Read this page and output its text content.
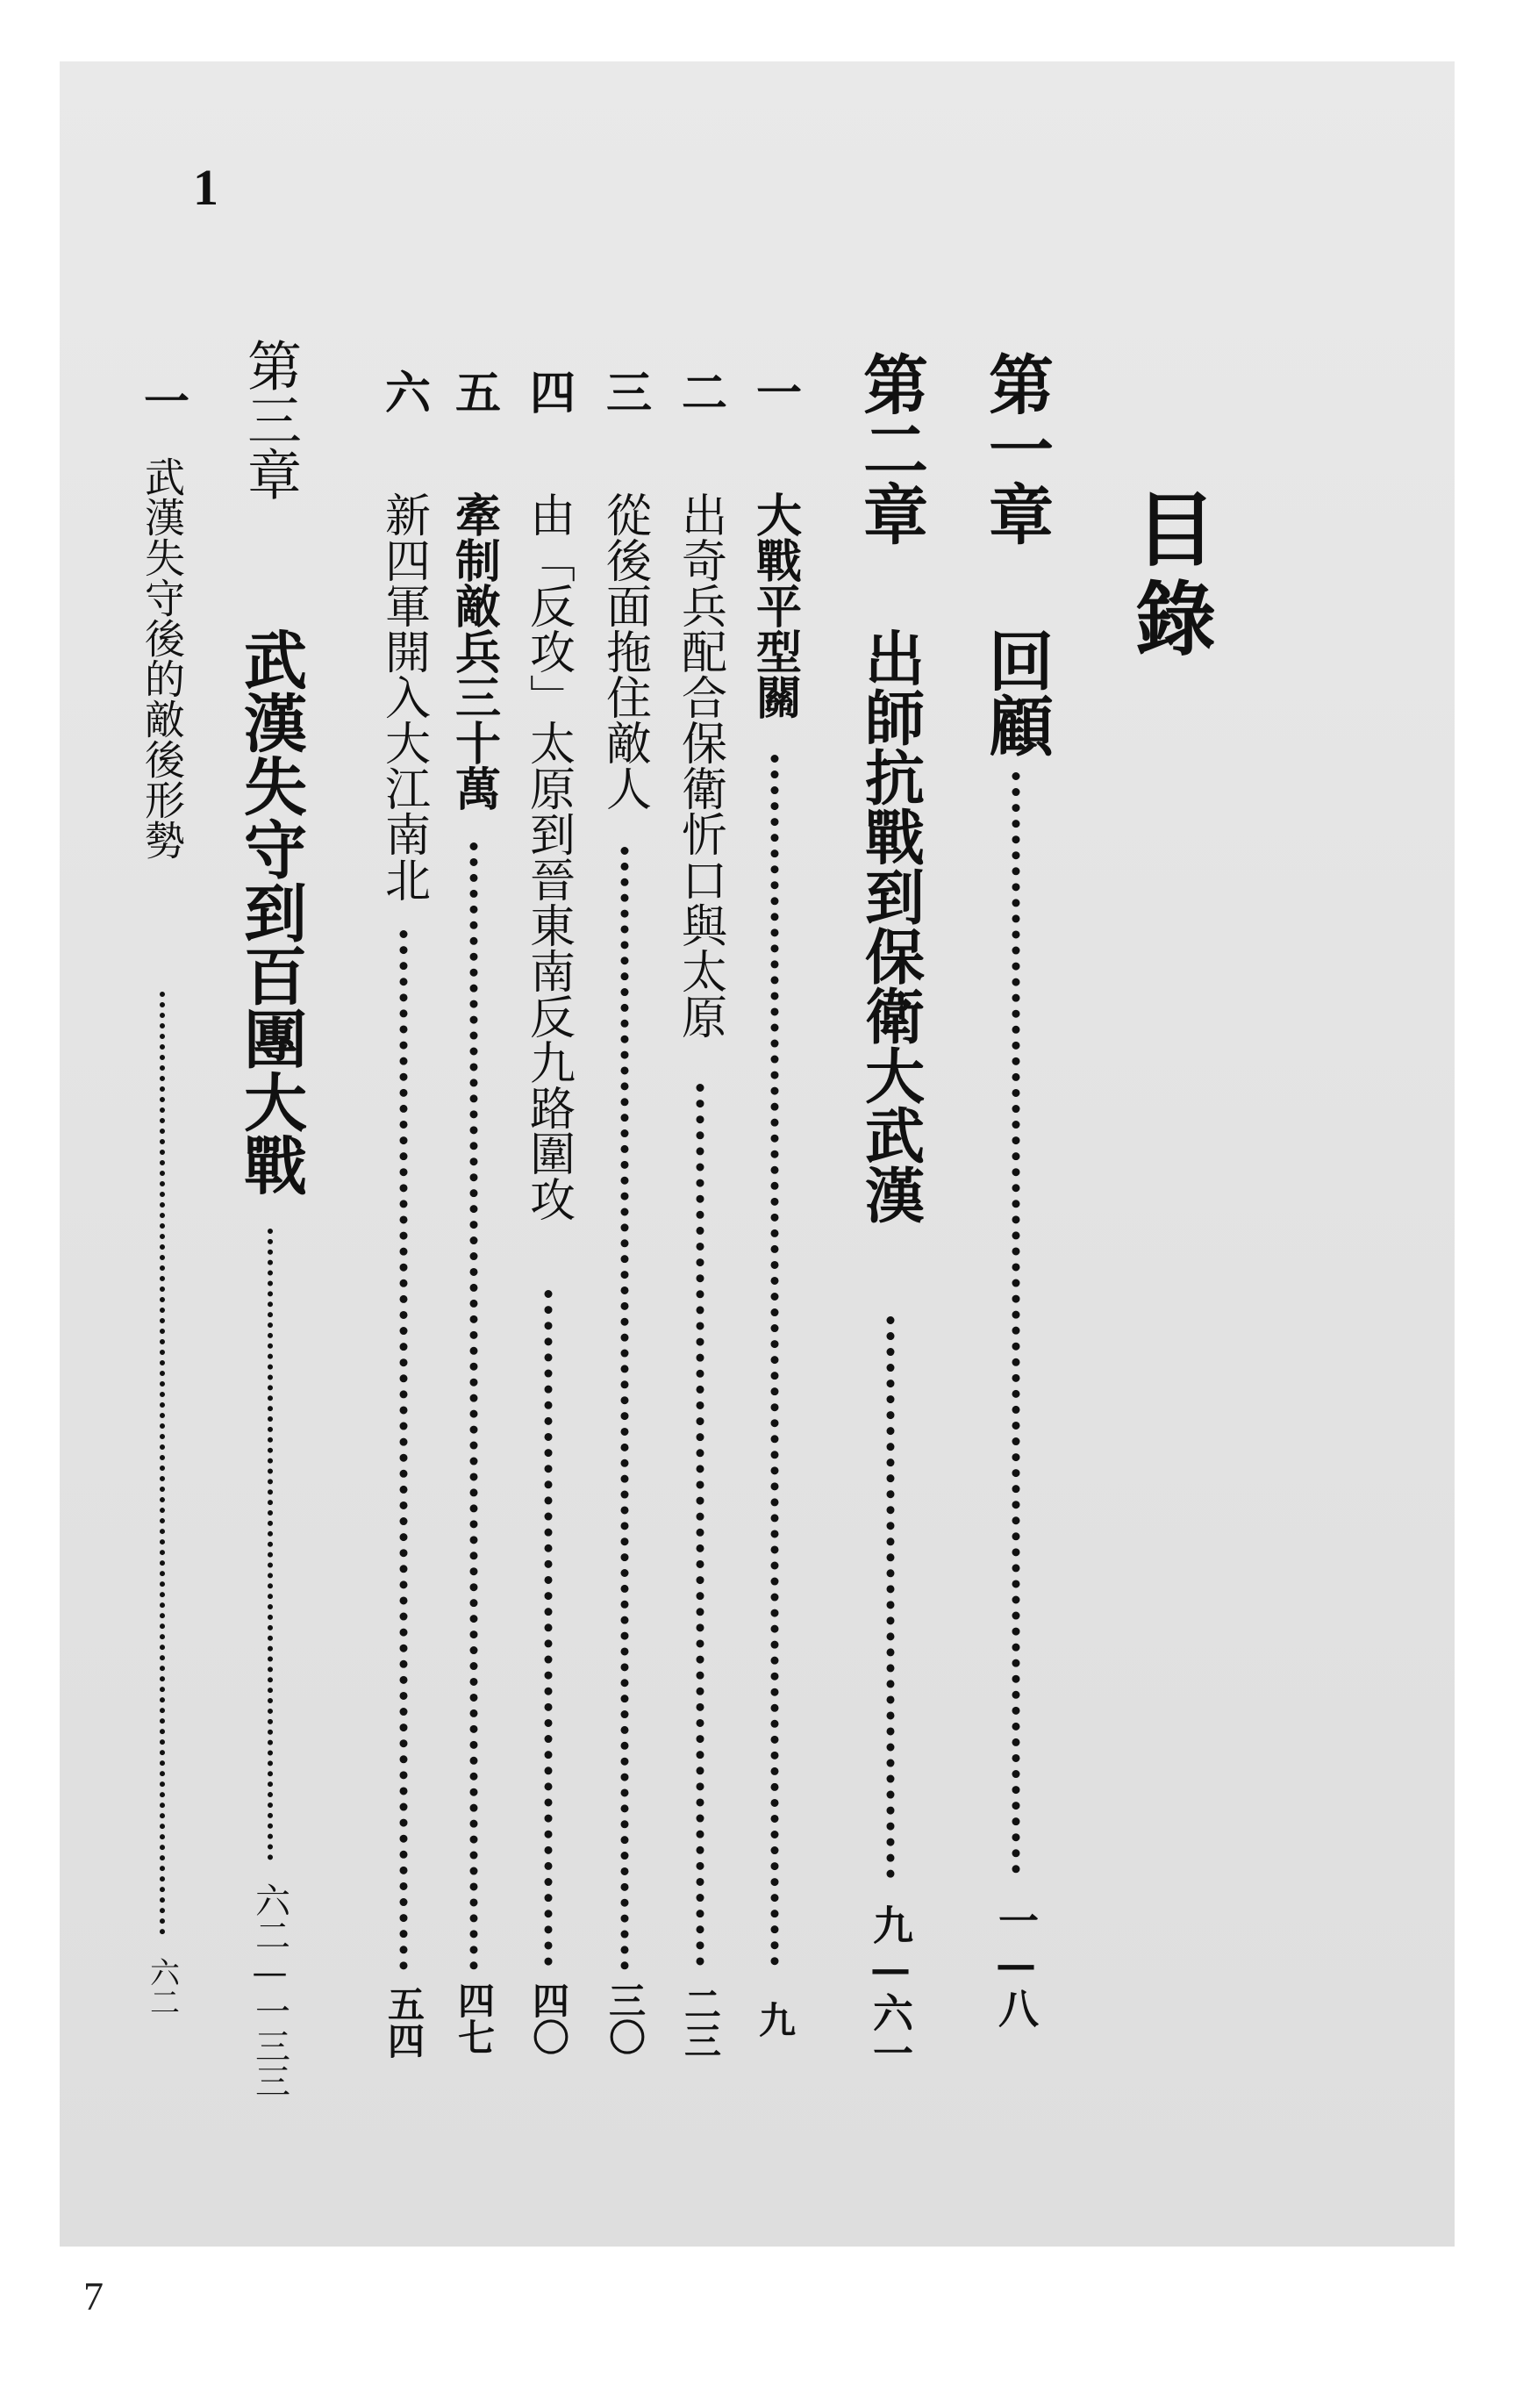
1
目錄
第一章
回顧
一—八
第二章
出師抗戰到保衛大武漢
九—六一
一
大戰平型關
九
二
出奇兵配合保衛忻口與太原
二三
三
從後面拖住敵人
三〇
四
由「反攻」太原到晉東南反九路圍攻
四〇
五
牽制敵兵三十萬
四七
六
新四軍開入大江南北
五四
第三章
武漢失守到百團大戰
六二—一三三
一
武漢失守後的敵後形勢
六二
7
